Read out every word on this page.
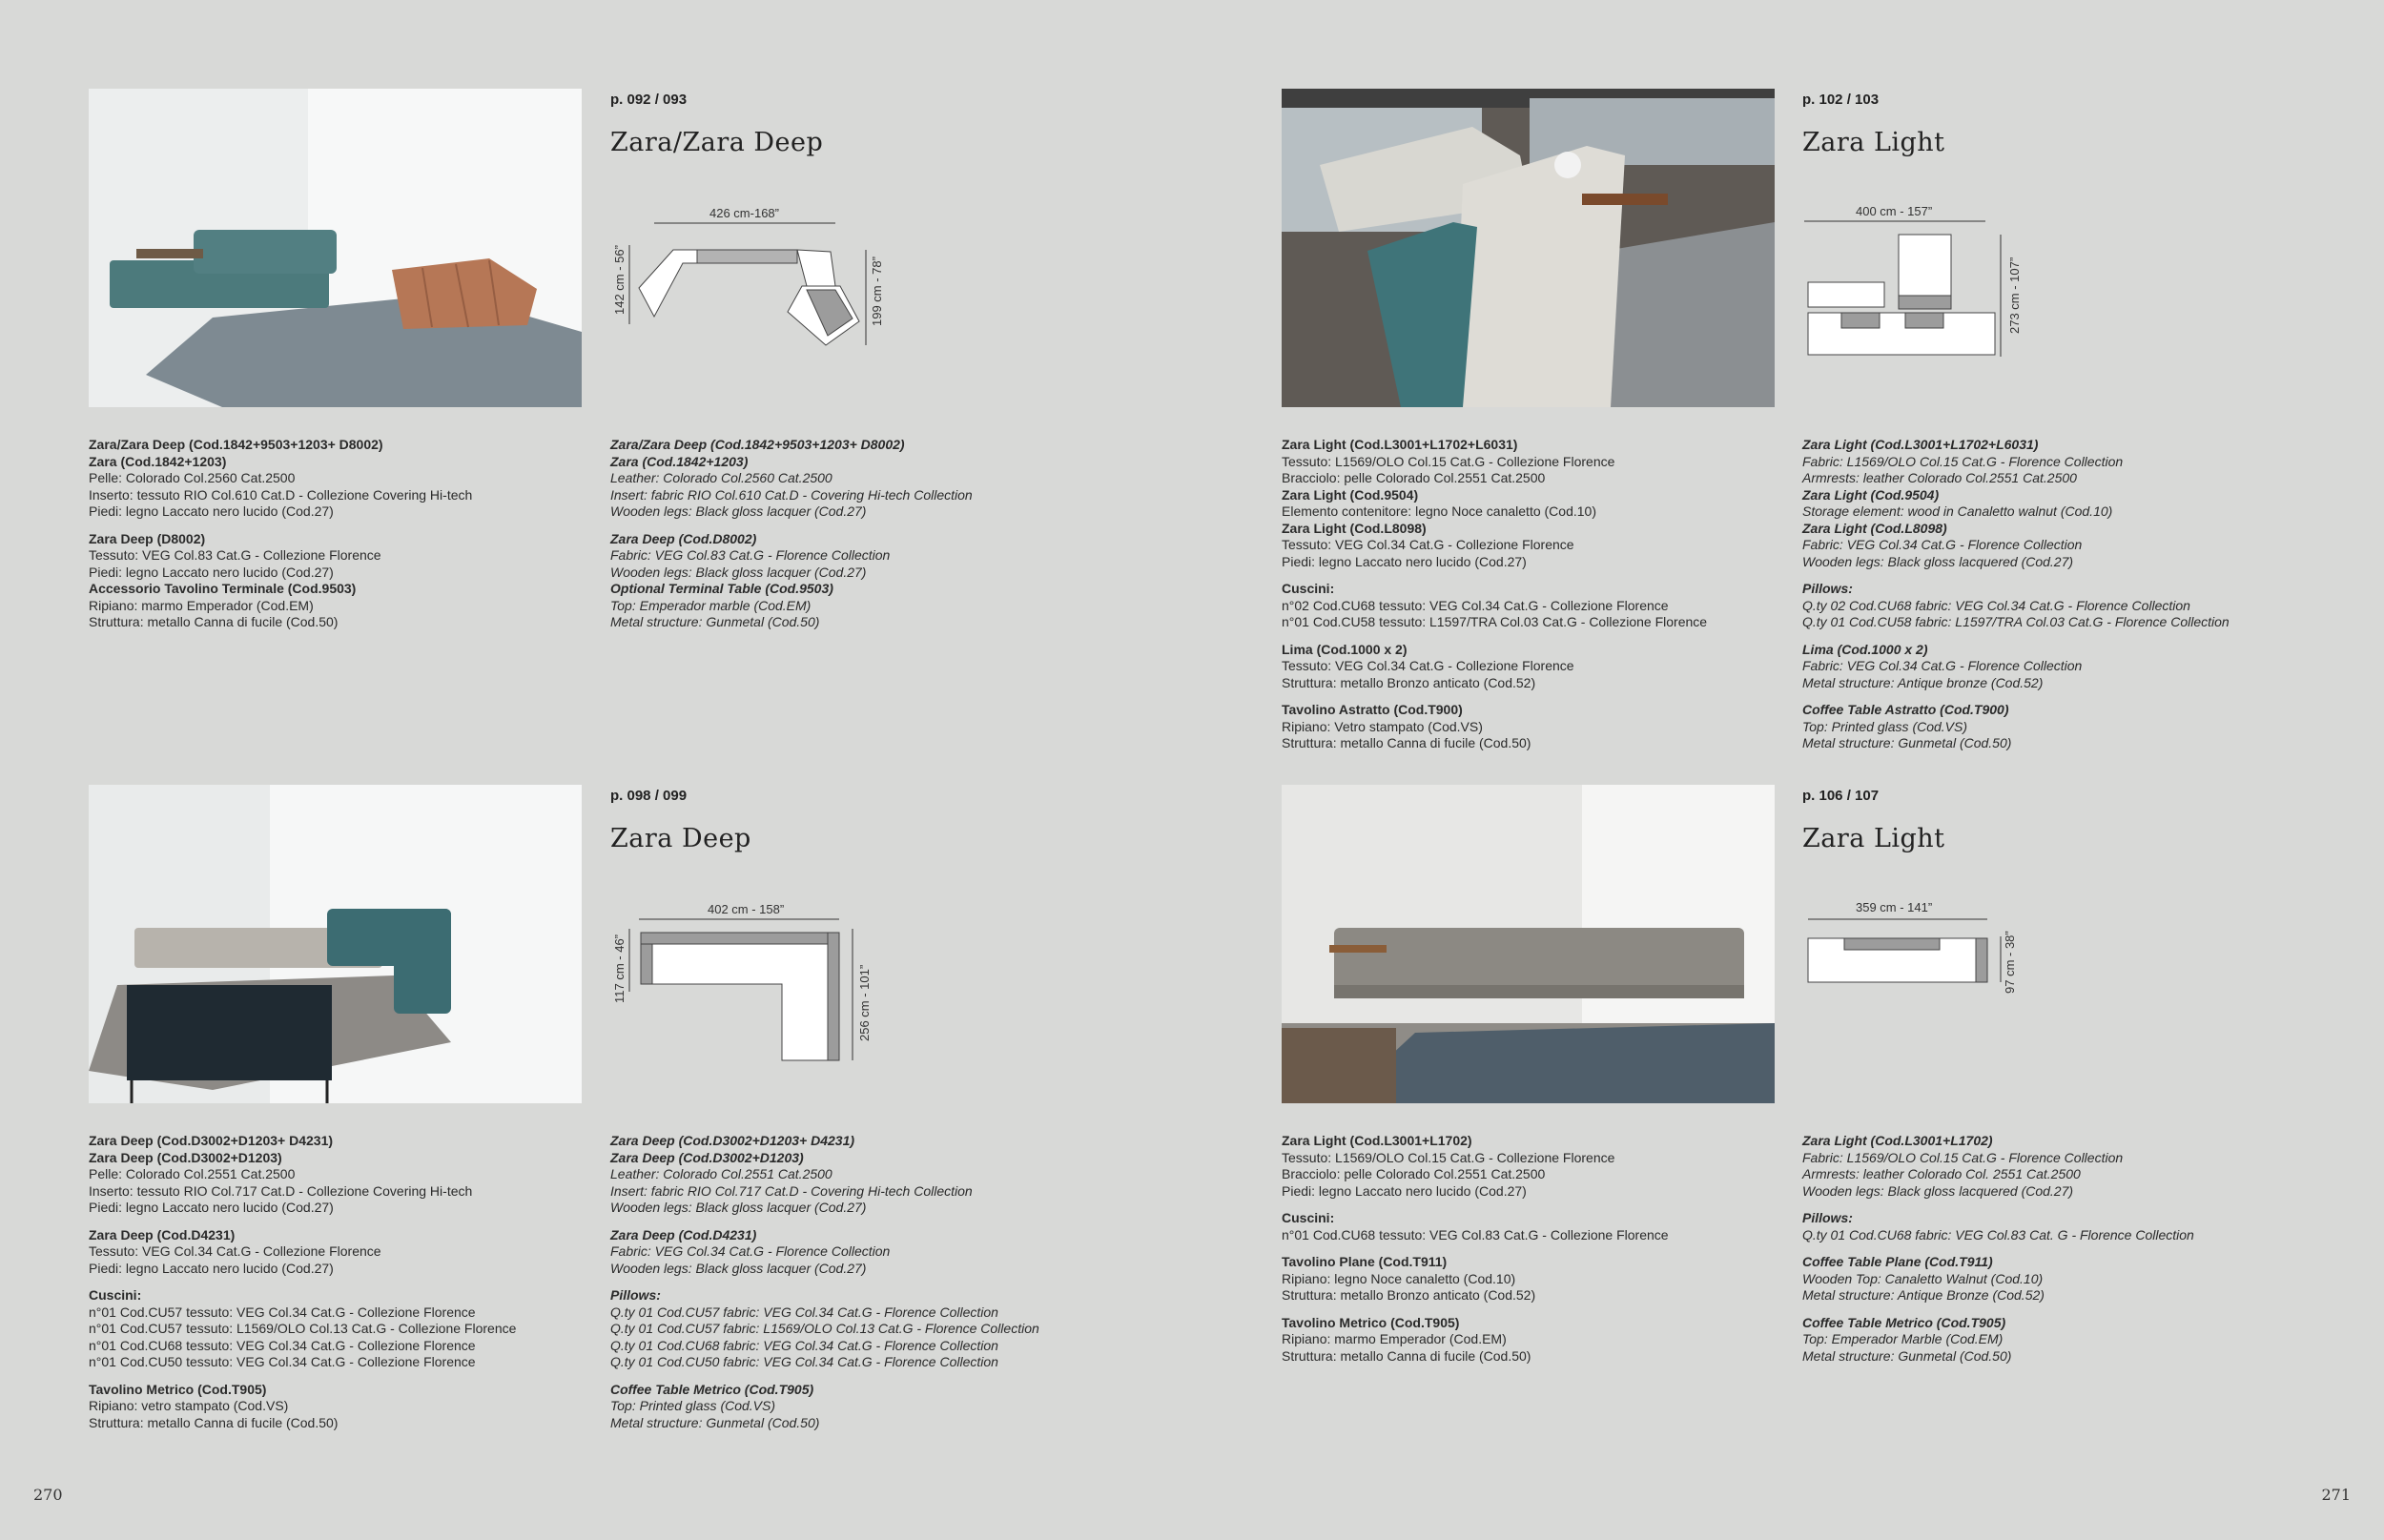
p. 092 / 093
Zara/Zara Deep
426 cm-168”
142 cm - 56”	199 cm - 78”
Zara/Zara Deep (Cod.1842+9503+1203+ D8002)
Zara (Cod.1842+1203)
Pelle: Colorado Col.2560 Cat.2500
Inserto: tessuto RIO Col.610 Cat.D - Collezione Covering Hi-tech
Piedi: legno Laccato nero lucido (Cod.27)
Zara Deep (D8002)
Tessuto: VEG Col.83 Cat.G - Collezione Florence
Piedi: legno Laccato nero lucido (Cod.27)
Accessorio Tavolino Terminale (Cod.9503)
Ripiano: marmo Emperador (Cod.EM)
Struttura: metallo Canna di fucile (Cod.50)
Zara/Zara Deep (Cod.1842+9503+1203+ D8002)
Zara (Cod.1842+1203)
Leather: Colorado Col.2560 Cat.2500
Insert: fabric RIO Col.610 Cat.D - Covering Hi-tech Collection
Wooden legs: Black gloss lacquer (Cod.27)
Zara Deep (Cod.D8002)
Fabric: VEG Col.83 Cat.G - Florence Collection
Wooden legs: Black gloss lacquer (Cod.27)
Optional Terminal Table (Cod.9503)
Top: Emperador marble (Cod.EM)
Metal structure: Gunmetal (Cod.50)
p. 102 / 103
Zara Light
400 cm - 157”
273 cm - 107”
Zara Light (Cod.L3001+L1702+L6031)
Tessuto: L1569/OLO Col.15 Cat.G - Collezione Florence
Bracciolo: pelle Colorado Col.2551 Cat.2500
Zara Light (Cod.9504)
Elemento contenitore: legno Noce canaletto (Cod.10)
Zara Light (Cod.L8098)
Tessuto: VEG Col.34 Cat.G - Collezione Florence
Piedi: legno Laccato nero lucido (Cod.27)
Cuscini:
n°02 Cod.CU68 tessuto: VEG Col.34 Cat.G - Collezione Florence
n°01 Cod.CU58 tessuto: L1597/TRA Col.03 Cat.G - Collezione Florence
Lima (Cod.1000 x 2)
Tessuto: VEG Col.34 Cat.G - Collezione Florence
Struttura: metallo Bronzo anticato (Cod.52)
Tavolino Astratto (Cod.T900)
Ripiano: Vetro stampato (Cod.VS)
Struttura: metallo Canna di fucile (Cod.50)
Zara Light (Cod.L3001+L1702+L6031)
Fabric: L1569/OLO Col.15 Cat.G - Florence Collection
Armrests: leather Colorado Col.2551 Cat.2500
Zara Light (Cod.9504)
Storage element: wood in Canaletto walnut (Cod.10)
Zara Light (Cod.L8098)
Fabric: VEG Col.34 Cat.G - Florence Collection
Wooden legs: Black gloss lacquered (Cod.27)
Pillows:
Q.ty 02 Cod.CU68 fabric: VEG Col.34 Cat.G - Florence Collection
Q.ty 01 Cod.CU58 fabric: L1597/TRA Col.03 Cat.G - Florence Collection
Lima (Cod.1000 x 2)
Fabric: VEG Col.34 Cat.G - Florence Collection
Metal structure: Antique bronze (Cod.52)
Coffee Table Astratto (Cod.T900)
Top: Printed glass (Cod.VS)
Metal structure: Gunmetal (Cod.50)
p. 098 / 099
Zara Deep
402 cm - 158”
117 cm - 46”	256 cm - 101”
Zara Deep (Cod.D3002+D1203+ D4231)
Zara Deep (Cod.D3002+D1203)
Pelle: Colorado Col.2551 Cat.2500
Inserto: tessuto RIO Col.717 Cat.D - Collezione Covering Hi-tech
Piedi: legno Laccato nero lucido (Cod.27)
Zara Deep (Cod.D4231)
Tessuto: VEG Col.34 Cat.G - Collezione Florence
Piedi: legno Laccato nero lucido (Cod.27)
Cuscini:
n°01 Cod.CU57 tessuto: VEG Col.34 Cat.G - Collezione Florence
n°01 Cod.CU57 tessuto: L1569/OLO Col.13 Cat.G - Collezione Florence
n°01 Cod.CU68 tessuto: VEG Col.34 Cat.G - Collezione Florence
n°01 Cod.CU50 tessuto: VEG Col.34 Cat.G - Collezione Florence
Tavolino Metrico (Cod.T905)
Ripiano: vetro stampato (Cod.VS)
Struttura: metallo Canna di fucile (Cod.50)
Zara Deep (Cod.D3002+D1203+ D4231)
Zara Deep (Cod.D3002+D1203)
Leather: Colorado Col.2551 Cat.2500
Insert: fabric RIO Col.717 Cat.D - Covering Hi-tech Collection
Wooden legs: Black gloss lacquer (Cod.27)
Zara Deep (Cod.D4231)
Fabric: VEG Col.34 Cat.G - Florence Collection
Wooden legs: Black gloss lacquer (Cod.27)
Pillows:
Q.ty 01 Cod.CU57 fabric: VEG Col.34 Cat.G - Florence Collection
Q.ty 01 Cod.CU57 fabric: L1569/OLO Col.13 Cat.G - Florence Collection
Q.ty 01 Cod.CU68 fabric: VEG Col.34 Cat.G - Florence Collection
Q.ty 01 Cod.CU50 fabric: VEG Col.34 Cat.G - Florence Collection
Coffee Table Metrico (Cod.T905)
Top: Printed glass (Cod.VS)
Metal structure: Gunmetal (Cod.50)
p. 106 / 107
Zara Light
359 cm - 141”
97 cm - 38”
Zara Light (Cod.L3001+L1702)
Tessuto: L1569/OLO Col.15 Cat.G - Collezione Florence
Bracciolo: pelle Colorado Col.2551 Cat.2500
Piedi: legno Laccato nero lucido (Cod.27)
Cuscini:
n°01 Cod.CU68 tessuto: VEG Col.83 Cat.G - Collezione Florence
Tavolino Plane (Cod.T911)
Ripiano: legno Noce canaletto (Cod.10)
Struttura: metallo Bronzo anticato (Cod.52)
Tavolino Metrico (Cod.T905)
Ripiano: marmo Emperador (Cod.EM)
Struttura: metallo Canna di fucile (Cod.50)
Zara Light (Cod.L3001+L1702)
Fabric: L1569/OLO Col.15 Cat.G - Florence Collection
Armrests: leather Colorado Col. 2551 Cat.2500
Wooden legs: Black gloss lacquered (Cod.27)
Pillows:
Q.ty 01 Cod.CU68 fabric: VEG Col.83 Cat. G - Florence Collection
Coffee Table Plane (Cod.T911)
Wooden Top: Canaletto Walnut (Cod.10)
Metal structure: Antique Bronze (Cod.52)
Coffee Table Metrico (Cod.T905)
Top: Emperador Marble (Cod.EM)
Metal structure: Gunmetal (Cod.50)
270	271
